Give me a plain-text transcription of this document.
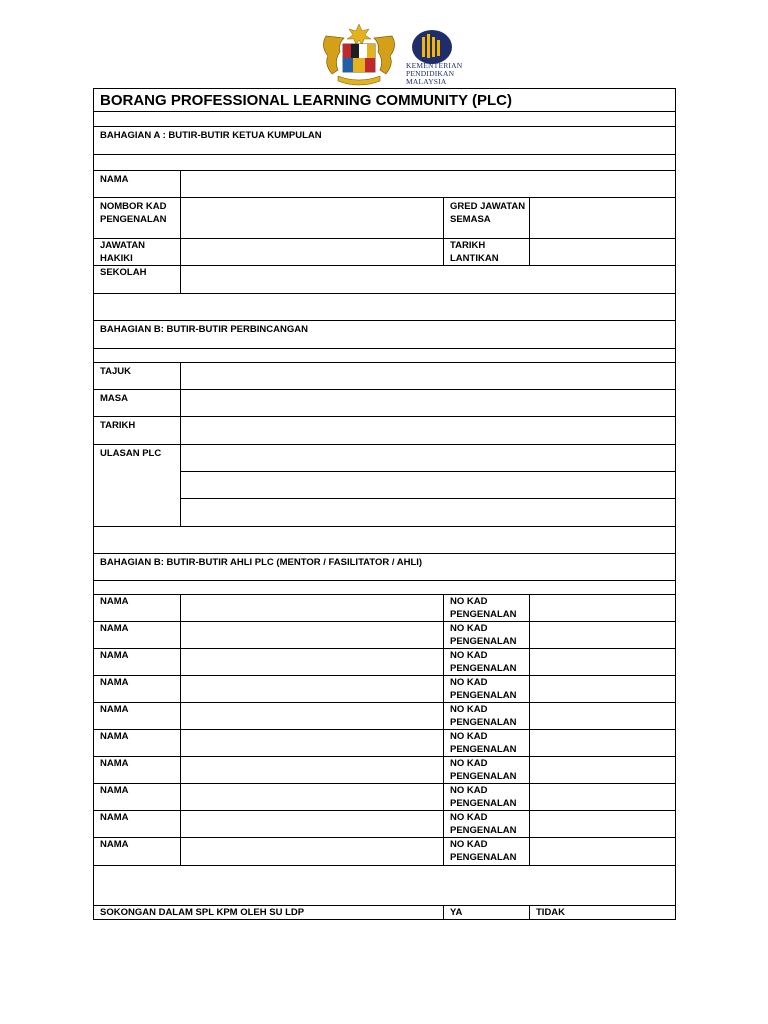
KEMENTERIAN
PENDIDIKAN
MALAYSIA
BORANG PROFESSIONAL LEARNING COMMUNITY (PLC)			

BAHAGIAN A : BUTIR-BUTIR KETUA KUMPULAN			

NAMA			
NOMBOR KAD PENGENALAN		GRED JAWATAN SEMASA	
JAWATAN HAKIKI		TARIKH LANTIKAN	
SEKOLAH			

BAHAGIAN B: BUTIR-BUTIR PERBINCANGAN			

TAJUK			
MASA			
TARIKH			
ULASAN PLC			

BAHAGIAN B: BUTIR-BUTIR AHLI PLC (MENTOR / FASILITATOR / AHLI)			

NAMA		NO KAD PENGENALAN	
NAMA		NO KAD PENGENALAN	
NAMA		NO KAD PENGENALAN	
NAMA		NO KAD PENGENALAN	
NAMA		NO KAD PENGENALAN	
NAMA		NO KAD PENGENALAN	
NAMA		NO KAD PENGENALAN	
NAMA		NO KAD PENGENALAN	
NAMA		NO KAD PENGENALAN	
NAMA		NO KAD PENGENALAN	

SOKONGAN DALAM SPL KPM OLEH SU LDP		YA	TIDAK
